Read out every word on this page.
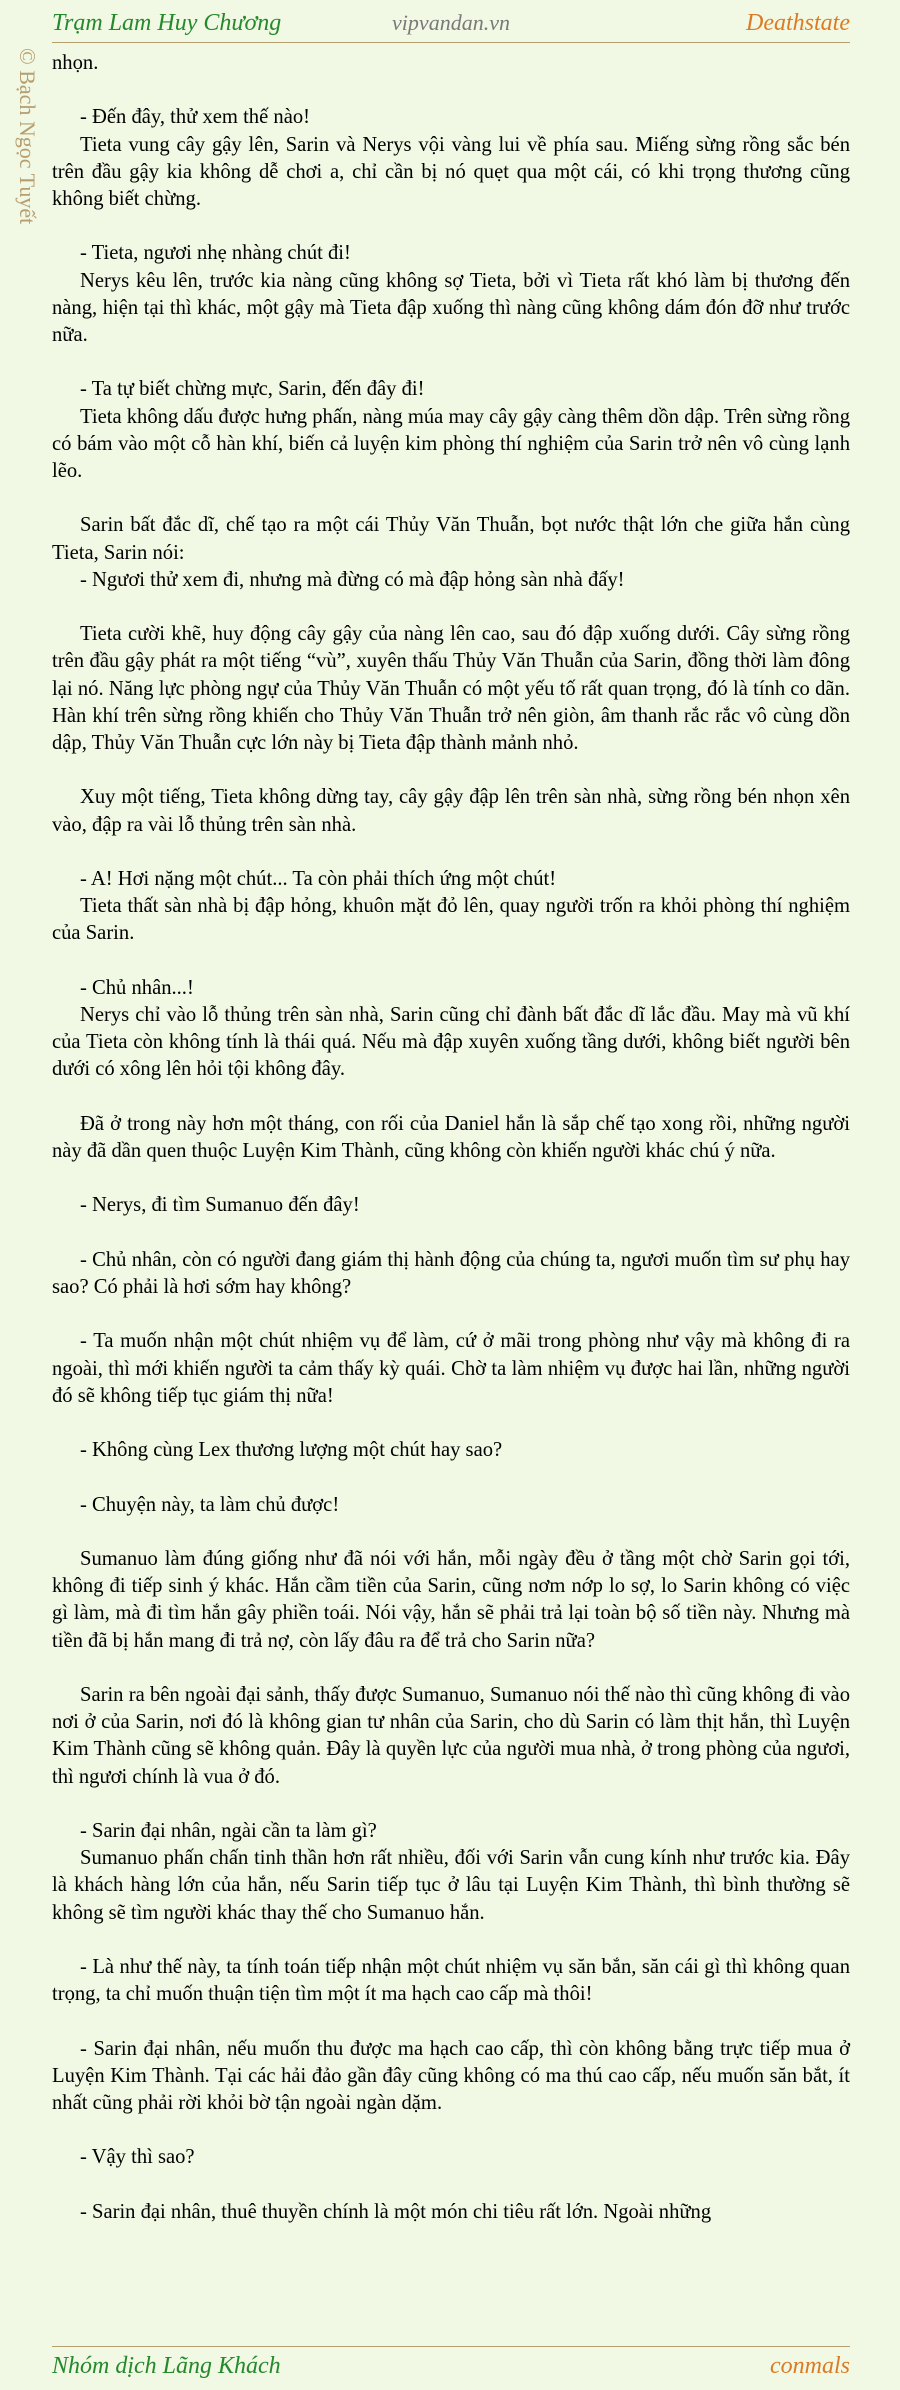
Trạm Lam Huy Chương	vipvandan.vn	Deathstate
© Bạch Ngọc Tuyết nhọn.

- Đến đây, thử xem thế nào!

Tieta vung cây gậy lên, Sarin và Nerys vội vàng lui về phía sau. Miếng sừng rồng sắc bén trên đầu gậy kia không dễ chơi a, chỉ cần bị nó quẹt qua một cái, có khi trọng thương cũng không biết chừng.

- Tieta, ngươi nhẹ nhàng chút đi!

Nerys kêu lên, trước kia nàng cũng không sợ Tieta, bởi vì Tieta rất khó làm bị thương đến nàng, hiện tại thì khác, một gậy mà Tieta đập xuống thì nàng cũng không dám đón đỡ như trước nữa.

- Ta tự biết chừng mực, Sarin, đến đây đi!

Tieta không dấu được hưng phấn, nàng múa may cây gậy càng thêm dồn dập. Trên sừng rồng có bám vào một cỗ hàn khí, biến cả luyện kim phòng thí nghiệm của Sarin trở nên vô cùng lạnh lẽo.

Sarin bất đắc dĩ, chế tạo ra một cái Thủy Văn Thuẫn, bọt nước thật lớn che giữa hắn cùng Tieta, Sarin nói:

- Ngươi thử xem đi, nhưng mà đừng có mà đập hỏng sàn nhà đấy!

Tieta cười khẽ, huy động cây gậy của nàng lên cao, sau đó đập xuống dưới. Cây sừng rồng trên đầu gậy phát ra một tiếng “vù”, xuyên thấu Thủy Văn Thuẫn của Sarin, đồng thời làm đông lại nó. Năng lực phòng ngự của Thủy Văn Thuẫn có một yếu tố rất quan trọng, đó là tính co dãn. Hàn khí trên sừng rồng khiến cho Thủy Văn Thuẫn trở nên giòn, âm thanh rắc rắc vô cùng dồn dập, Thủy Văn Thuẫn cực lớn này bị Tieta đập thành mảnh nhỏ.

Xuy một tiếng, Tieta không dừng tay, cây gậy đập lên trên sàn nhà, sừng rồng bén nhọn xên vào, đập ra vài lỗ thủng trên sàn nhà.

- A! Hơi nặng một chút... Ta còn phải thích ứng một chút!

Tieta thất sàn nhà bị đập hỏng, khuôn mặt đỏ lên, quay người trốn ra khỏi phòng thí nghiệm của Sarin.

- Chủ nhân...!

Nerys chỉ vào lỗ thủng trên sàn nhà, Sarin cũng chỉ đành bất đắc dĩ lắc đầu. May mà vũ khí của Tieta còn không tính là thái quá. Nếu mà đập xuyên xuống tầng dưới, không biết người bên dưới có xông lên hỏi tội không đây.

Đã ở trong này hơn một tháng, con rối của Daniel hắn là sắp chế tạo xong rồi, những người này đã dần quen thuộc Luyện Kim Thành, cũng không còn khiến người khác chú ý nữa.

- Nerys, đi tìm Sumanuo đến đây!

- Chủ nhân, còn có người đang giám thị hành động của chúng ta, ngươi muốn tìm sư phụ hay sao? Có phải là hơi sớm hay không?

- Ta muốn nhận một chút nhiệm vụ để làm, cứ ở mãi trong phòng như vậy mà không đi ra ngoài, thì mới khiến người ta cảm thấy kỳ quái. Chờ ta làm nhiệm vụ được hai lần, những người đó sẽ không tiếp tục giám thị nữa!

- Không cùng Lex thương lượng một chút hay sao?

- Chuyện này, ta làm chủ được!

Sumanuo làm đúng giống như đã nói với hắn, mỗi ngày đều ở tầng một chờ Sarin gọi tới, không đi tiếp sinh ý khác. Hắn cầm tiền của Sarin, cũng nơm nớp lo sợ, lo Sarin không có việc gì làm, mà đi tìm hắn gây phiền toái. Nói vậy, hắn sẽ phải trả lại toàn bộ số tiền này. Nhưng mà tiền đã bị hắn mang đi trả nợ, còn lấy đâu ra để trả cho Sarin nữa?

Sarin ra bên ngoài đại sảnh, thấy được Sumanuo, Sumanuo nói thế nào thì cũng không đi vào nơi ở của Sarin, nơi đó là không gian tư nhân của Sarin, cho dù Sarin có làm thịt hắn, thì Luyện Kim Thành cũng sẽ không quản. Đây là quyền lực của người mua nhà, ở trong phòng của ngươi, thì ngươi chính là vua ở đó.

- Sarin đại nhân, ngài cần ta làm gì?

Sumanuo phấn chấn tinh thần hơn rất nhiều, đối với Sarin vẫn cung kính như trước kia. Đây là khách hàng lớn của hắn, nếu Sarin tiếp tục ở lâu tại Luyện Kim Thành, thì bình thường sẽ không sẽ tìm người khác thay thế cho Sumanuo hắn.

- Là như thế này, ta tính toán tiếp nhận một chút nhiệm vụ săn bắn, săn cái gì thì không quan trọng, ta chỉ muốn thuận tiện tìm một ít ma hạch cao cấp mà thôi!

- Sarin đại nhân, nếu muốn thu được ma hạch cao cấp, thì còn không bằng trực tiếp mua ở Luyện Kim Thành. Tại các hải đảo gần đây cũng không có ma thú cao cấp, nếu muốn săn bắt, ít nhất cũng phải rời khỏi bờ tận ngoài ngàn dặm.

- Vậy thì sao?

- Sarin đại nhân, thuê thuyền chính là một món chi tiêu rất lớn. Ngoài những

Nhóm dịch Lãng Khách	conmals
